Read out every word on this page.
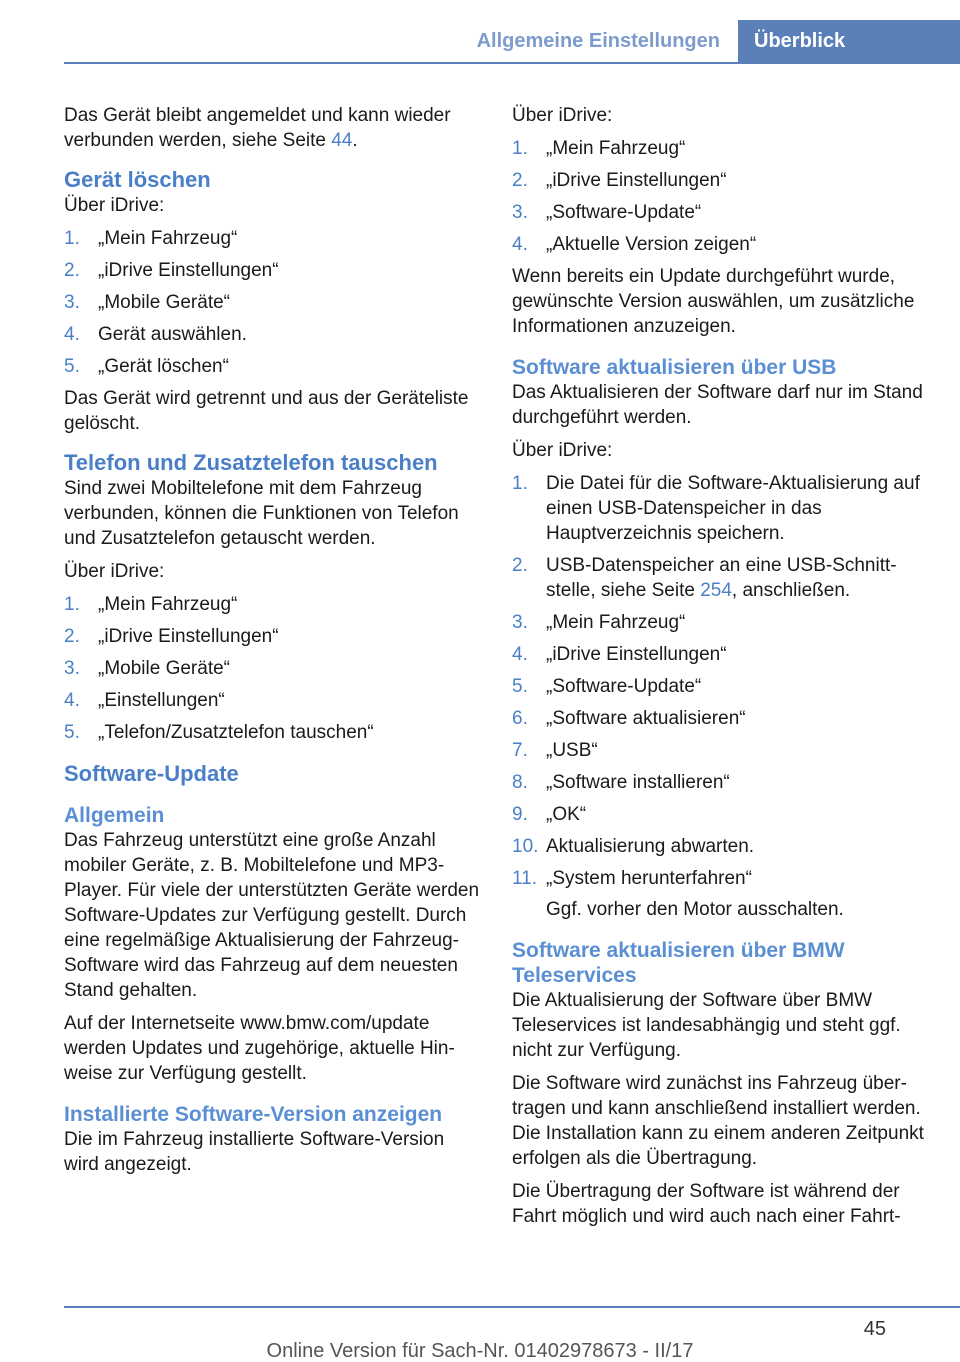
Allgemeine Einstellungen	Überblick

Das Gerät bleibt angemeldet und kann wieder verbunden werden, siehe Seite 44.

Gerät löschen

Über iDrive:

1. „Mein Fahrzeug“
2. „iDrive Einstellungen“
3. „Mobile Geräte“
4. Gerät auswählen.
5. „Gerät löschen“

Das Gerät wird getrennt und aus der Geräteliste gelöscht.

Telefon und Zusatztelefon tauschen

Sind zwei Mobiltelefone mit dem Fahrzeug verbunden, können die Funktionen von Telefon und Zusatztelefon getauscht werden.

Über iDrive:

1. „Mein Fahrzeug“
2. „iDrive Einstellungen“
3. „Mobile Geräte“
4. „Einstellungen“
5. „Telefon/Zusatztelefon tauschen“
Software-Update
Allgemein

Das Fahrzeug unterstützt eine große Anzahl mobiler Geräte, z. B. Mobiltelefone und MP3-Player. Für viele der unterstützten Geräte werden Software-Updates zur Verfügung gestellt. Durch eine regelmäßige Aktualisierung der Fahrzeug-Software wird das Fahrzeug auf dem neuesten Stand gehalten.

Auf der Internetseite www.bmw.com/update werden Updates und zugehörige, aktuelle Hinweise zur Verfügung gestellt.

Installierte Software-Version anzeigen

Die im Fahrzeug installierte Software-Version wird angezeigt.

Über iDrive:

1. „Mein Fahrzeug“
2. „iDrive Einstellungen“
3. „Software-Update“
4. „Aktuelle Version zeigen“

Wenn bereits ein Update durchgeführt wurde, gewünschte Version auswählen, um zusätzliche Informationen anzuzeigen.

Software aktualisieren über USB

Das Aktualisieren der Software darf nur im Stand durchgeführt werden.

Über iDrive:

1. Die Datei für die Software-Aktualisierung auf einen USB-Datenspeicher in das Hauptverzeichnis speichern.
2. USB-Datenspeicher an eine USB-Schnittstelle, siehe Seite 254, anschließen.
3. „Mein Fahrzeug“
4. „iDrive Einstellungen“
5. „Software-Update“
6. „Software aktualisieren“
7. „USB“
8. „Software installieren“
9. „OK“
10. Aktualisierung abwarten.
11. „System herunterfahren“

Ggf. vorher den Motor ausschalten.

Software aktualisieren über BMW Teleservices

Die Aktualisierung der Software über BMW Teleservices ist landesabhängig und steht ggf. nicht zur Verfügung.

Die Software wird zunächst ins Fahrzeug übertragen und kann anschließend installiert werden. Die Installation kann zu einem anderen Zeitpunkt erfolgen als die Übertragung.

Die Übertragung der Software ist während der Fahrt möglich und wird auch nach einer Fahrt-

45
Online Version für Sach-Nr. 01402978673 - II/17
